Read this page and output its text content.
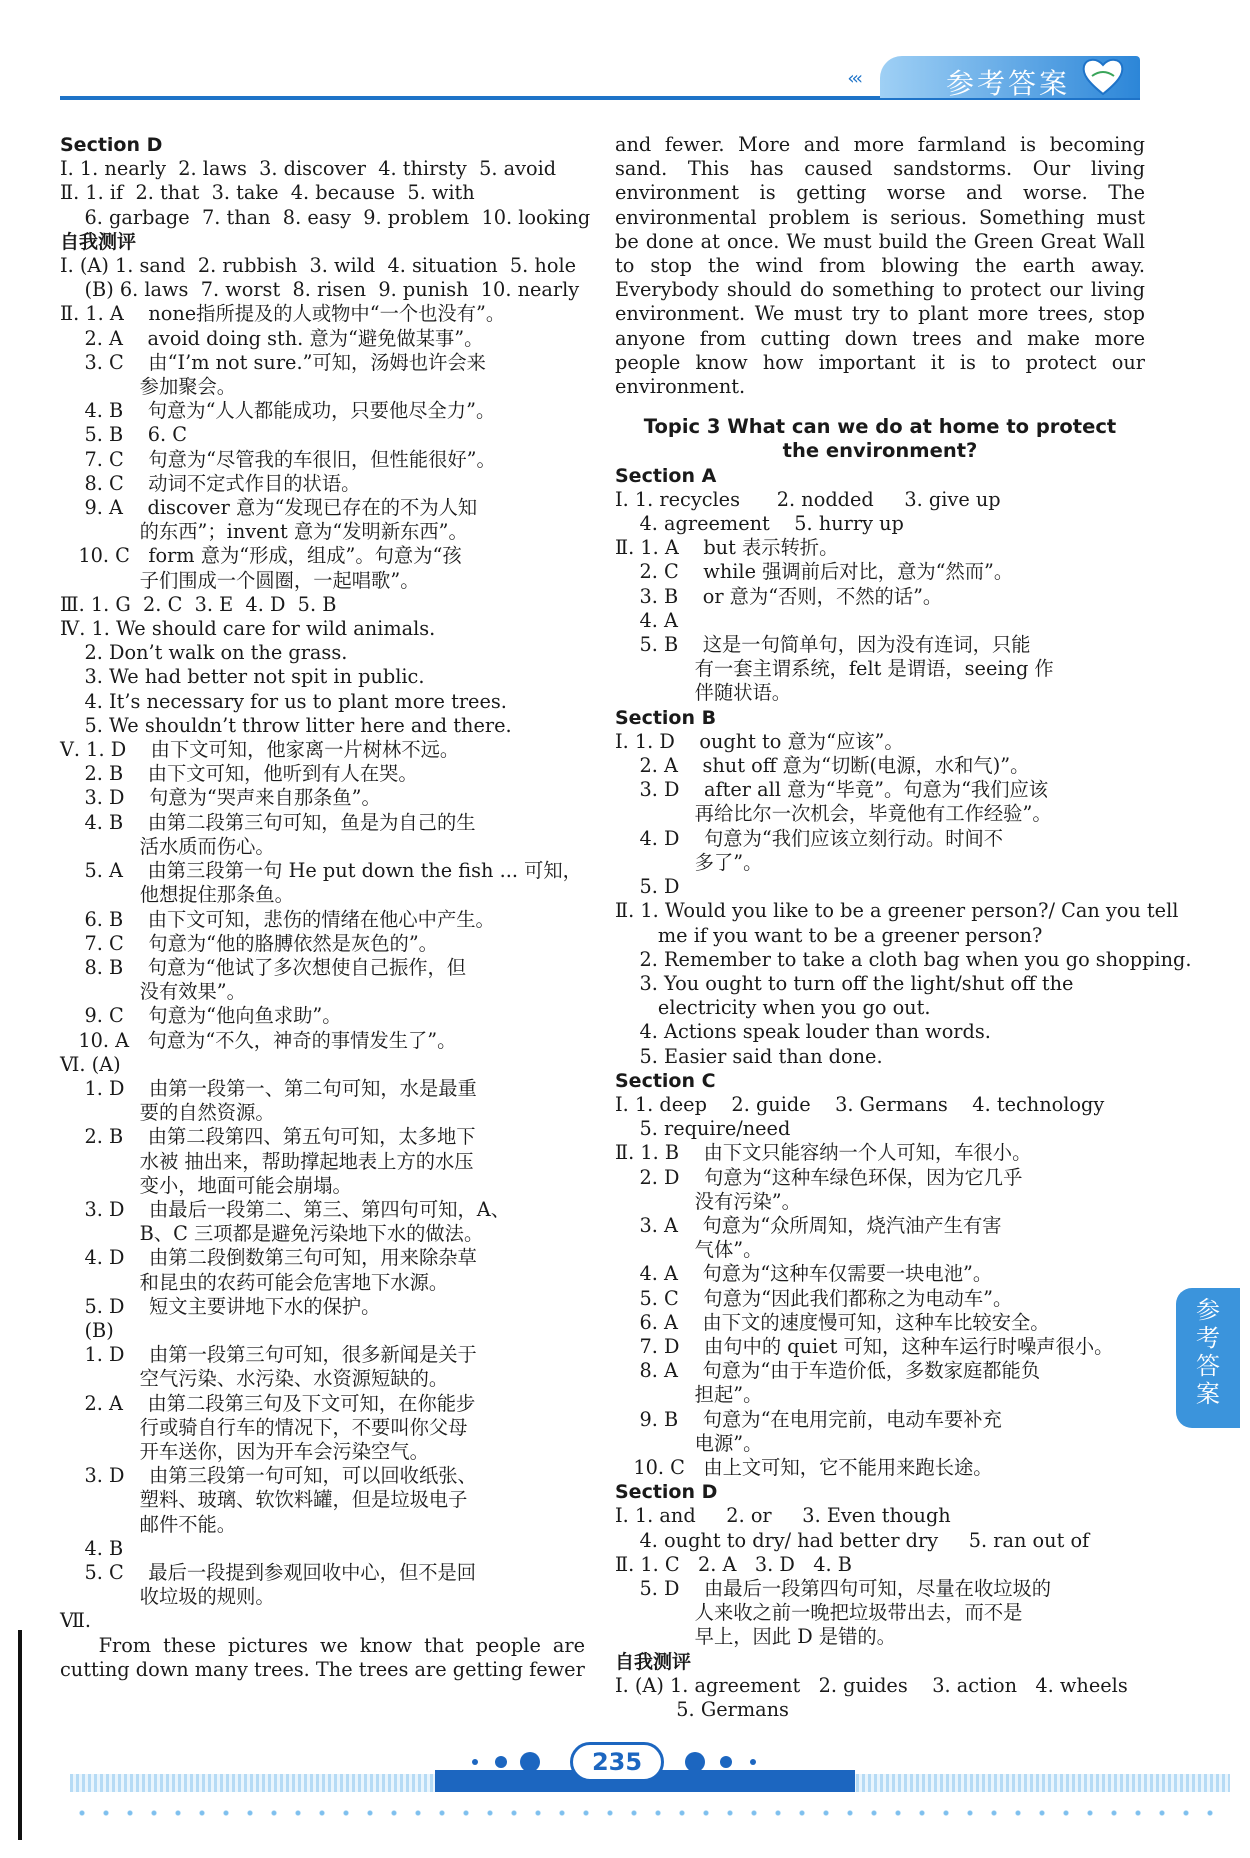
‹‹‹	参考答案
Section D
Ⅰ. 1. nearly  2. laws  3. discover  4. thirsty  5. avoid
Ⅱ. 1. if  2. that  3. take  4. because  5. with
6. garbage  7. than  8. easy  9. problem  10. looking
自我测评
Ⅰ. (A) 1. sand  2. rubbish  3. wild  4. situation  5. hole
(B) 6. laws  7. worst  8. risen  9. punish  10. nearly
Ⅱ. 1. A    none指所提及的人或物中“一个也没有”。
2. A    avoid doing sth. 意为“避免做某事”。
3. C    由“I’m not sure.”可知，汤姆也许会来
参加聚会。
4. B    句意为“人人都能成功，只要他尽全力”。
5. B    6. C
7. C    句意为“尽管我的车很旧，但性能很好”。
8. C    动词不定式作目的状语。
9. A    discover 意为“发现已存在的不为人知
的东西”；invent 意为“发明新东西”。
10. C   form 意为“形成，组成”。句意为“孩
子们围成一个圆圈，一起唱歌”。
Ⅲ. 1. G  2. C  3. E  4. D  5. B
Ⅳ. 1. We should care for wild animals.
2. Don’t walk on the grass.
3. We had better not spit in public.
4. It’s necessary for us to plant more trees.
5. We shouldn’t throw litter here and there.
Ⅴ. 1. D    由下文可知，他家离一片树林不远。
2. B    由下文可知，他听到有人在哭。
3. D    句意为“哭声来自那条鱼”。
4. B    由第二段第三句可知，鱼是为自己的生
活水质而伤心。
5. A    由第三段第一句 He put down the fish ... 可知，
他想捉住那条鱼。
6. B    由下文可知，悲伤的情绪在他心中产生。
7. C    句意为“他的胳膊依然是灰色的”。
8. B    句意为“他试了多次想使自己振作，但
没有效果”。
9. C    句意为“他向鱼求助”。
10. A   句意为“不久，神奇的事情发生了”。
Ⅵ. (A)
1. D    由第一段第一、第二句可知，水是最重
要的自然资源。
2. B    由第二段第四、第五句可知，太多地下
水被 抽出来，帮助撑起地表上方的水压
变小，地面可能会崩塌。
3. D    由最后一段第二、第三、第四句可知，A、
B、C 三项都是避免污染地下水的做法。
4. D    由第二段倒数第三句可知，用来除杂草
和昆虫的农药可能会危害地下水源。
5. D    短文主要讲地下水的保护。
(B)
1. D    由第一段第三句可知，很多新闻是关于
空气污染、水污染、水资源短缺的。
2. A    由第二段第三句及下文可知，在你能步
行或骑自行车的情况下，不要叫你父母
开车送你，因为开车会污染空气。
3. D    由第三段第一句可知，可以回收纸张、
塑料、玻璃、软饮料罐，但是垃圾电子
邮件不能。
4. B
5. C    最后一段提到参观回收中心，但不是回
收垃圾的规则。
Ⅶ.
From these pictures we know that people are cutting down many trees. The trees are getting fewer
and fewer. More and more farmland is becoming sand. This has caused sandstorms. Our living environment is getting worse and worse. The environmental problem is serious. Something must be done at once. We must build the Green Great Wall to stop the wind from blowing the earth away. Everybody should do something to protect our living environment. We must try to plant more trees, stop anyone from cutting down trees and make more people know how important it is to protect our environment.
Topic 3 What can we do at home to protect
the environment?
Section A
Ⅰ. 1. recycles      2. nodded     3. give up
4. agreement    5. hurry up
Ⅱ. 1. A    but 表示转折。
2. C    while 强调前后对比，意为“然而”。
3. B    or 意为“否则，不然的话”。
4. A
5. B    这是一句简单句，因为没有连词，只能
有一套主谓系统，felt 是谓语，seeing 作
伴随状语。
Section B
Ⅰ. 1. D    ought to 意为“应该”。
2. A    shut off 意为“切断(电源，水和气)”。
3. D    after all 意为“毕竟”。句意为“我们应该
再给比尔一次机会，毕竟他有工作经验”。
4. D    句意为“我们应该立刻行动。时间不
多了”。
5. D
Ⅱ. 1. Would you like to be a greener person?/ Can you tell
me if you want to be a greener person?
2. Remember to take a cloth bag when you go shopping.
3. You ought to turn off the light/shut off the
electricity when you go out.
4. Actions speak louder than words.
5. Easier said than done.
Section C
Ⅰ. 1. deep    2. guide    3. Germans    4. technology
5. require/need
Ⅱ. 1. B    由下文只能容纳一个人可知，车很小。
2. D    句意为“这种车绿色环保，因为它几乎
没有污染”。
3. A    句意为“众所周知，烧汽油产生有害
气体”。
4. A    句意为“这种车仅需要一块电池”。
5. C    句意为“因此我们都称之为电动车”。
6. A    由下文的速度慢可知，这种车比较安全。
7. D    由句中的 quiet 可知，这种车运行时噪声很小。
8. A    句意为“由于车造价低，多数家庭都能负
担起”。
9. B    句意为“在电用完前，电动车要补充
电源”。
10. C   由上文可知，它不能用来跑长途。
Section D
Ⅰ. 1. and     2. or     3. Even though
4. ought to dry/ had better dry     5. ran out of
Ⅱ. 1. C   2. A   3. D   4. B
5. D    由最后一段第四句可知，尽量在收垃圾的
人来收之前一晚把垃圾带出去，而不是
早上，因此 D 是错的。
自我测评
Ⅰ. (A) 1. agreement   2. guides    3. action   4. wheels
5. Germans
参考答案
235
